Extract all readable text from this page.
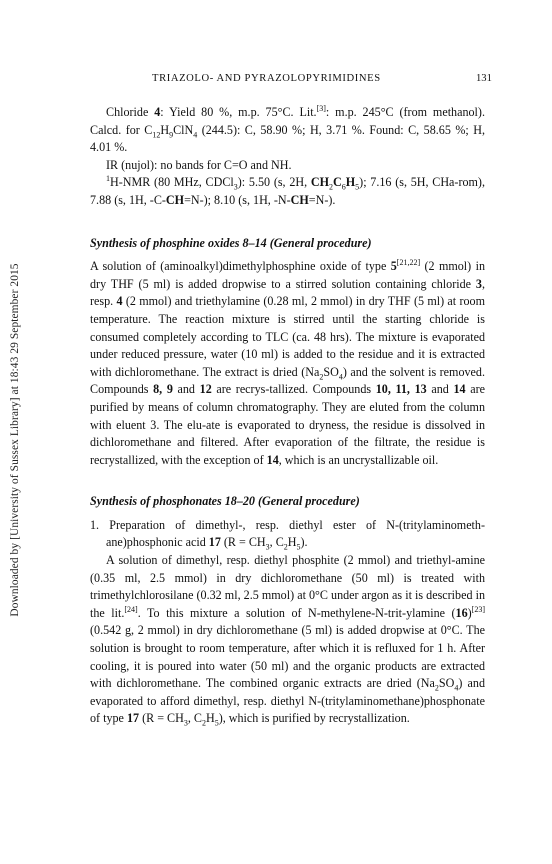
Downloaded by [University of Sussex Library] at 18:43 29 September 2015
TRIAZOLO- AND PYRAZOLOPYRIMIDINES	131

Chloride 4: Yield 80 %, m.p. 75°C. Lit.[3]: m.p. 245°C (from methanol). Calcd. for $C_{12}H_9ClN_4$ (244.5): C, 58.90 %; H, 3.71 %. Found: C, 58.65 %; H, 4.01 %.

IR (nujol): no bands for C=O and NH.

$^1$H-NMR (80 MHz, CDCl$_3$): 5.50 (s, 2H, $CH_2C_6H_5$); 7.16 (s, 5H, CHa-rom), 7.88 (s, 1H, -C-CH=N-); 8.10 (s, 1H, -N-CH=N-).

Synthesis of phosphine oxides 8–14 (General procedure)

A solution of (aminoalkyl)dimethylphosphine oxide of type 5[21,22] (2 mmol) in dry THF (5 ml) is added dropwise to a stirred solution containing chloride 3, resp. 4 (2 mmol) and triethylamine (0.28 ml, 2 mmol) in dry THF (5 ml) at room temperature. The reaction mixture is stirred until the starting chloride is consumed completely according to TLC (ca. 48 hrs). The mixture is evaporated under reduced pressure, water (10 ml) is added to the residue and it is extracted with dichloromethane. The extract is dried $(Na_2SO_4)$ and the solvent is removed. Compounds 8, 9 and 12 are recrys-tallized. Compounds 10, 11, 13 and 14 are purified by means of column chromatography. They are eluted from the column with eluent 3. The elu-ate is evaporated to dryness, the residue is dissolved in dichloromethane and filtered. After evaporation of the filtrate, the residue is recrystallized, with the exception of 14, which is an uncrystallizable oil.

Synthesis of phosphonates 18–20 (General procedure)

1. Preparation of dimethyl-, resp. diethyl ester of N-(tritylaminometh-ane)phosphonic acid 17 ($R = CH_3$, $C_2H_5$).

A solution of dimethyl, resp. diethyl phosphite (2 mmol) and triethyl-amine (0.35 ml, 2.5 mmol) in dry dichloromethane (50 ml) is treated with trimethylchlorosilane (0.32 ml, 2.5 mmol) at 0°C under argon as it is described in the lit.[24]. To this mixture a solution of N-methylene-N-trit-ylamine (16)[23] (0.542 g, 2 mmol) in dry dichloromethane (5 ml) is added dropwise at 0°C. The solution is brought to room temperature, after which it is refluxed for 1 h. After cooling, it is poured into water (50 ml) and the organic products are extracted with dichloromethane. The combined organic extracts are dried $(Na_2SO_4)$ and evaporated to afford dimethyl, resp. diethyl N-(tritylaminomethane)phosphonate of type 17 ($R = CH_3$, $C_2H_5$), which is purified by recrystallization.
